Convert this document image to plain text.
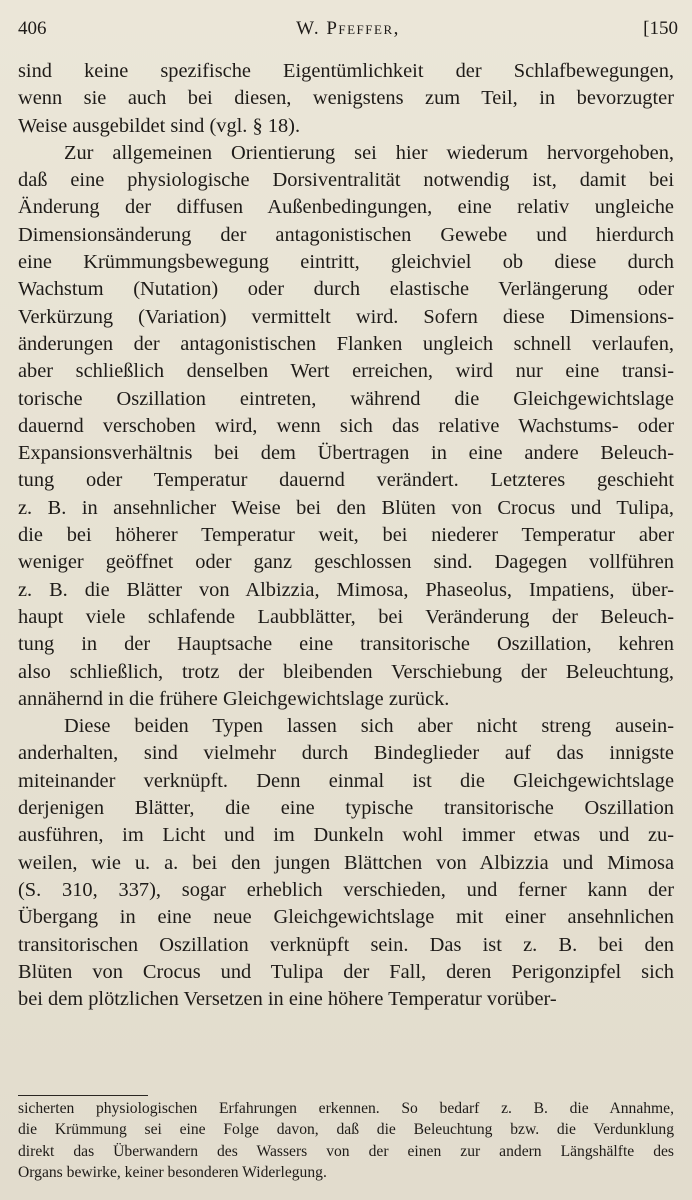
406	W. Pfeffer,	[150

sind keine spezifische Eigentümlichkeit der Schlafbewegungen,
wenn sie auch bei diesen, wenigstens zum Teil, in bevorzugter
Weise ausgebildet sind (vgl. § 18).

Zur allgemeinen Orientierung sei hier wiederum hervorgehoben,
daß eine physiologische Dorsiventralität notwendig ist, damit bei
Änderung der diffusen Außenbedingungen, eine relativ ungleiche
Dimensionsänderung der antagonistischen Gewebe und hierdurch
eine Krümmungsbewegung eintritt, gleichviel ob diese durch
Wachstum (Nutation) oder durch elastische Verlängerung oder
Verkürzung (Variation) vermittelt wird. Sofern diese Dimensions-
änderungen der antagonistischen Flanken ungleich schnell verlaufen,
aber schließlich denselben Wert erreichen, wird nur eine transi-
torische Oszillation eintreten, während die Gleichgewichtslage
dauernd verschoben wird, wenn sich das relative Wachstums- oder
Expansionsverhältnis bei dem Übertragen in eine andere Beleuch-
tung oder Temperatur dauernd verändert. Letzteres geschieht
z. B. in ansehnlicher Weise bei den Blüten von Crocus und Tulipa,
die bei höherer Temperatur weit, bei niederer Temperatur aber
weniger geöffnet oder ganz geschlossen sind. Dagegen vollführen
z. B. die Blätter von Albizzia, Mimosa, Phaseolus, Impatiens, über-
haupt viele schlafende Laubblätter, bei Veränderung der Beleuch-
tung in der Hauptsache eine transitorische Oszillation, kehren
also schließlich, trotz der bleibenden Verschiebung der Beleuchtung,
annähernd in die frühere Gleichgewichtslage zurück.

Diese beiden Typen lassen sich aber nicht streng ausein-
anderhalten, sind vielmehr durch Bindeglieder auf das innigste
miteinander verknüpft. Denn einmal ist die Gleichgewichtslage
derjenigen Blätter, die eine typische transitorische Oszillation
ausführen, im Licht und im Dunkeln wohl immer etwas und zu-
weilen, wie u. a. bei den jungen Blättchen von Albizzia und Mimosa
(S. 310, 337), sogar erheblich verschieden, und ferner kann der
Übergang in eine neue Gleichgewichtslage mit einer ansehnlichen
transitorischen Oszillation verknüpft sein. Das ist z. B. bei den
Blüten von Crocus und Tulipa der Fall, deren Perigonzipfel sich
bei dem plötzlichen Versetzen in eine höhere Temperatur vorüber-

sicherten physiologischen Erfahrungen erkennen. So bedarf z. B. die Annahme,
die Krümmung sei eine Folge davon, daß die Beleuchtung bzw. die Verdunklung
direkt das Überwandern des Wassers von der einen zur andern Längshälfte des
Organs bewirke, keiner besonderen Widerlegung.
